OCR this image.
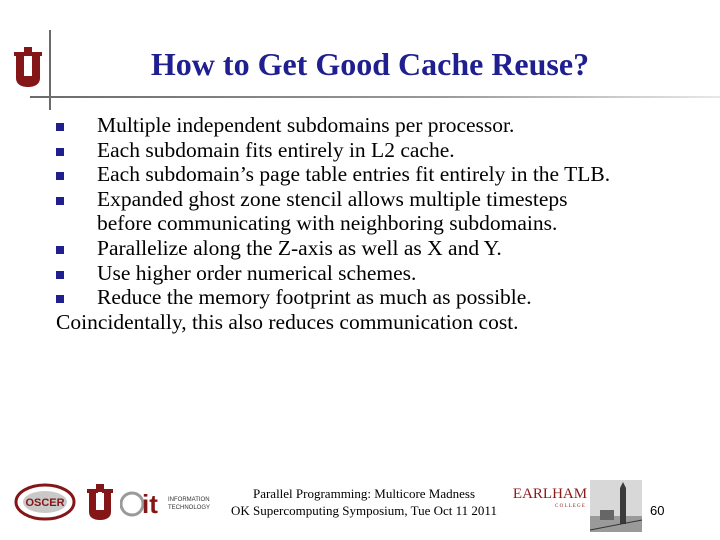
How to Get Good Cache Reuse?
Multiple independent subdomains per processor.
Each subdomain fits entirely in L2 cache.
Each subdomain’s page table entries fit entirely in the TLB.
Expanded ghost zone stencil allows multiple timesteps
before communicating with neighboring subdomains.
Parallelize along the Z-axis as well as X and Y.
Use higher order numerical schemes.
Reduce the memory footprint as much as possible.
Coincidentally, this also reduces communication cost.
OSCER	it INFORMATION
TECHNOLOGY
Parallel Programming: Multicore Madness
OK Supercomputing Symposium, Tue Oct 11 2011
EARLHAM
C O L L E G E	60
